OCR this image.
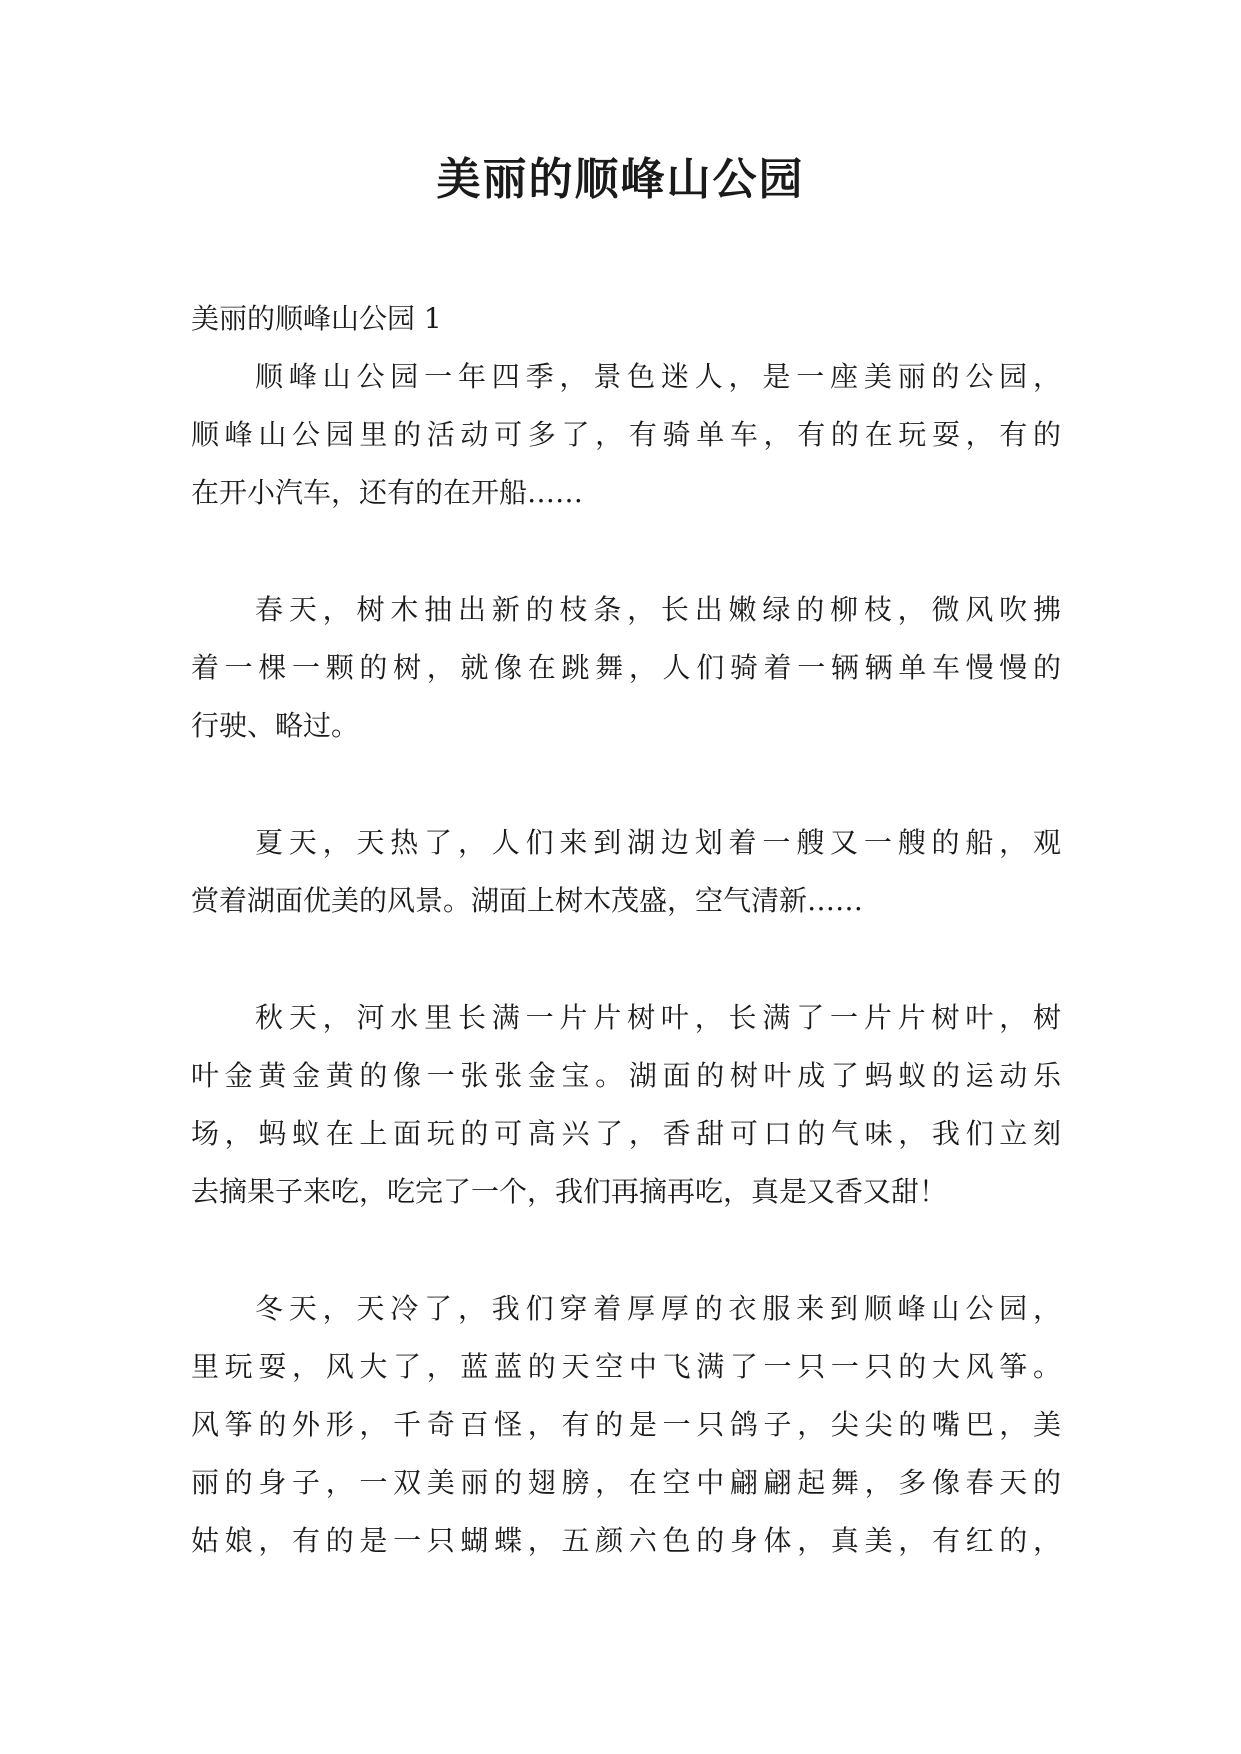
美丽的顺峰山公园
美丽的顺峰山公园 1
顺峰山公园一年四季，景色迷人，是一座美丽的公园，
顺峰山公园里的活动可多了，有骑单车，有的在玩耍，有的
在开小汽车，还有的在开船……
春天，树木抽出新的枝条，长出嫩绿的柳枝，微风吹拂
着一棵一颗的树，就像在跳舞，人们骑着一辆辆单车慢慢的
行驶、略过。
夏天，天热了，人们来到湖边划着一艘又一艘的船，观
赏着湖面优美的风景。湖面上树木茂盛，空气清新……
秋天，河水里长满一片片树叶，长满了一片片树叶，树
叶金黄金黄的像一张张金宝。湖面的树叶成了蚂蚁的运动乐
场，蚂蚁在上面玩的可高兴了，香甜可口的气味，我们立刻
去摘果子来吃，吃完了一个，我们再摘再吃，真是又香又甜！
冬天，天冷了，我们穿着厚厚的衣服来到顺峰山公园，
里玩耍，风大了，蓝蓝的天空中飞满了一只一只的大风筝。
风筝的外形，千奇百怪，有的是一只鸽子，尖尖的嘴巴，美
丽的身子，一双美丽的翅膀，在空中翩翩起舞，多像春天的
姑娘，有的是一只蝴蝶，五颜六色的身体，真美，有红的，
